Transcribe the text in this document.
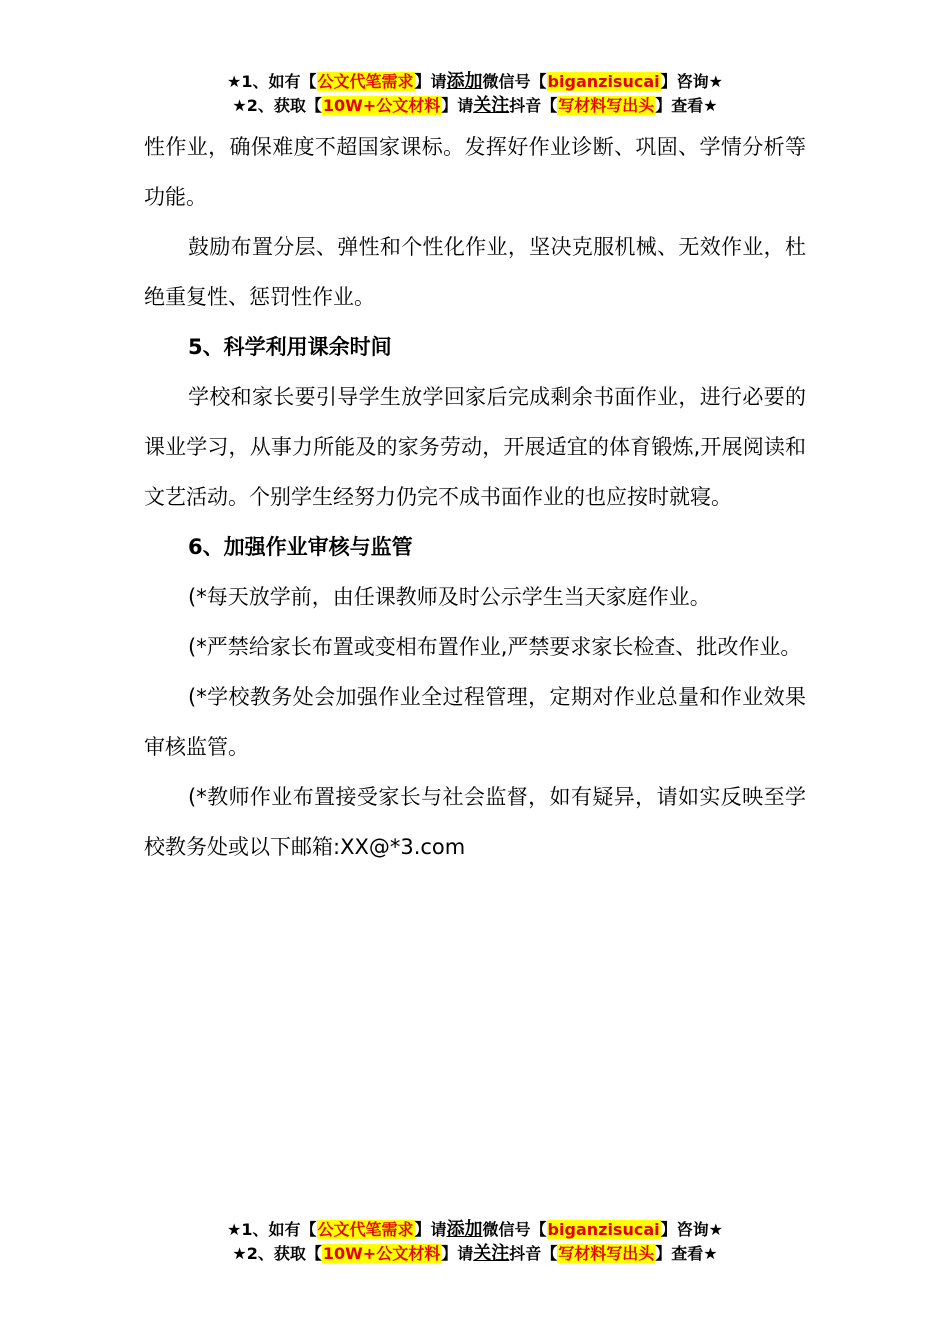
★1、如有【公文代笔需求】请添加微信号【biganzisucai】咨询★
★2、获取【10W+公文材料】请关注抖音【写材料写出头】查看★

性作业，确保难度不超国家课标。发挥好作业诊断、巩固、学情分析等功能。

鼓励布置分层、弹性和个性化作业，坚决克服机械、无效作业，杜绝重复性、惩罚性作业。

5、科学利用课余时间

学校和家长要引导学生放学回家后完成剩余书面作业，进行必要的课业学习，从事力所能及的家务劳动，开展适宜的体育锻炼,开展阅读和文艺活动。个别学生经努力仍完不成书面作业的也应按时就寝。

6、加强作业审核与监管

(*每天放学前，由任课教师及时公示学生当天家庭作业。

(*严禁给家长布置或变相布置作业,严禁要求家长检查、批改作业。

(*学校教务处会加强作业全过程管理，定期对作业总量和作业效果审核监管。

(*教师作业布置接受家长与社会监督，如有疑异，请如实反映至学校教务处或以下邮箱:XX@*3.com

★1、如有【公文代笔需求】请添加微信号【biganzisucai】咨询★
★2、获取【10W+公文材料】请关注抖音【写材料写出头】查看★
